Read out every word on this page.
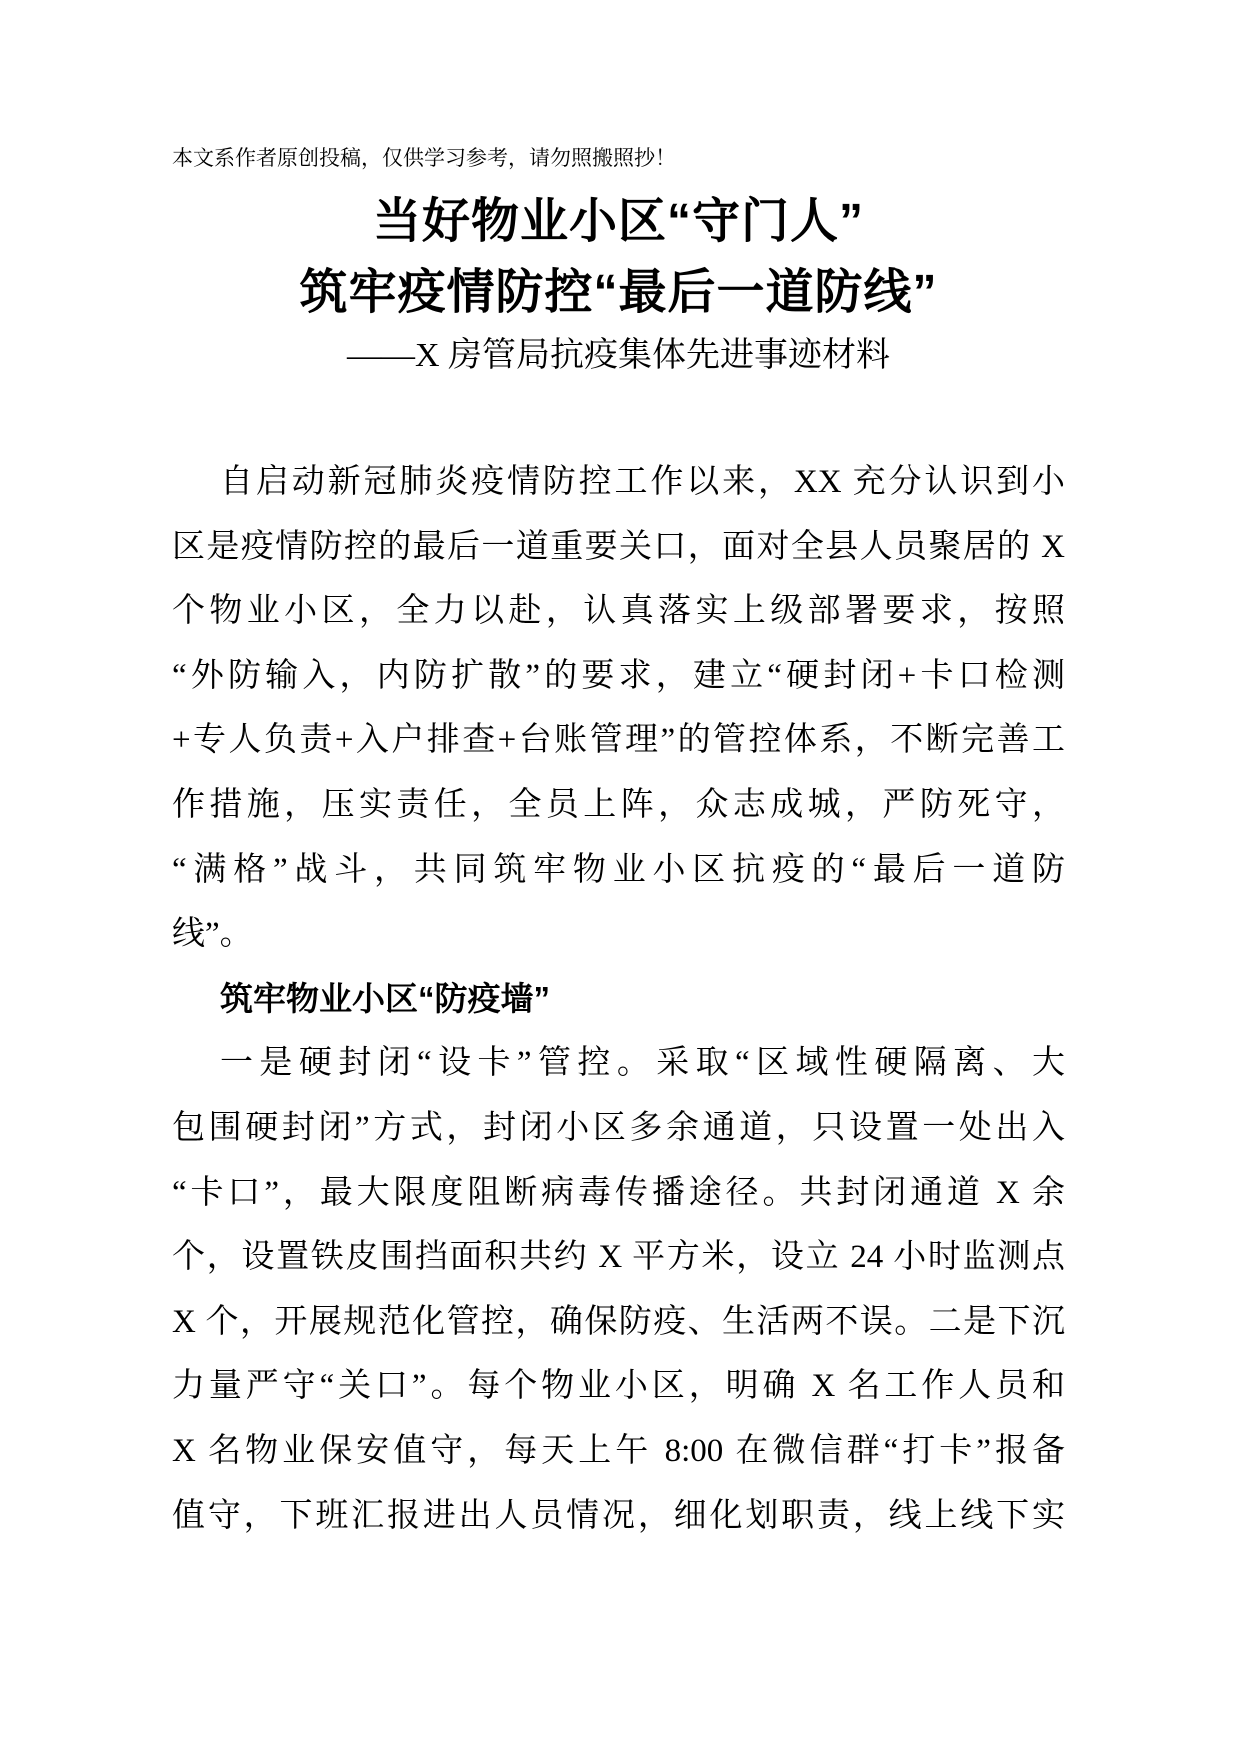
本文系作者原创投稿，仅供学习参考，请勿照搬照抄！
当好物业小区“守门人”
筑牢疫情防控“最后一道防线”
——X 房管局抗疫集体先进事迹材料
自启动新冠肺炎疫情防控工作以来，XX 充分认识到小
区是疫情防控的最后一道重要关口，面对全县人员聚居的 X
个物业小区，全力以赴，认真落实上级部署要求，按照
“外防输入，内防扩散”的要求，建立“硬封闭+卡口检测
+专人负责+入户排查+台账管理”的管控体系，不断完善工
作措施，压实责任，全员上阵，众志成城，严防死守，
“满格”战斗，共同筑牢物业小区抗疫的“最后一道防
线”。
筑牢物业小区“防疫墙”
一是硬封闭“设卡”管控。采取“区域性硬隔离、大
包围硬封闭”方式，封闭小区多余通道，只设置一处出入
“卡口”，最大限度阻断病毒传播途径。共封闭通道 X 余
个，设置铁皮围挡面积共约 X 平方米，设立 24 小时监测点
X 个，开展规范化管控，确保防疫、生活两不误。二是下沉
力量严守“关口”。每个物业小区，明确 X 名工作人员和
X 名物业保安值守，每天上午 8:00 在微信群“打卡”报备
值守，下班汇报进出人员情况，细化划职责，线上线下实
